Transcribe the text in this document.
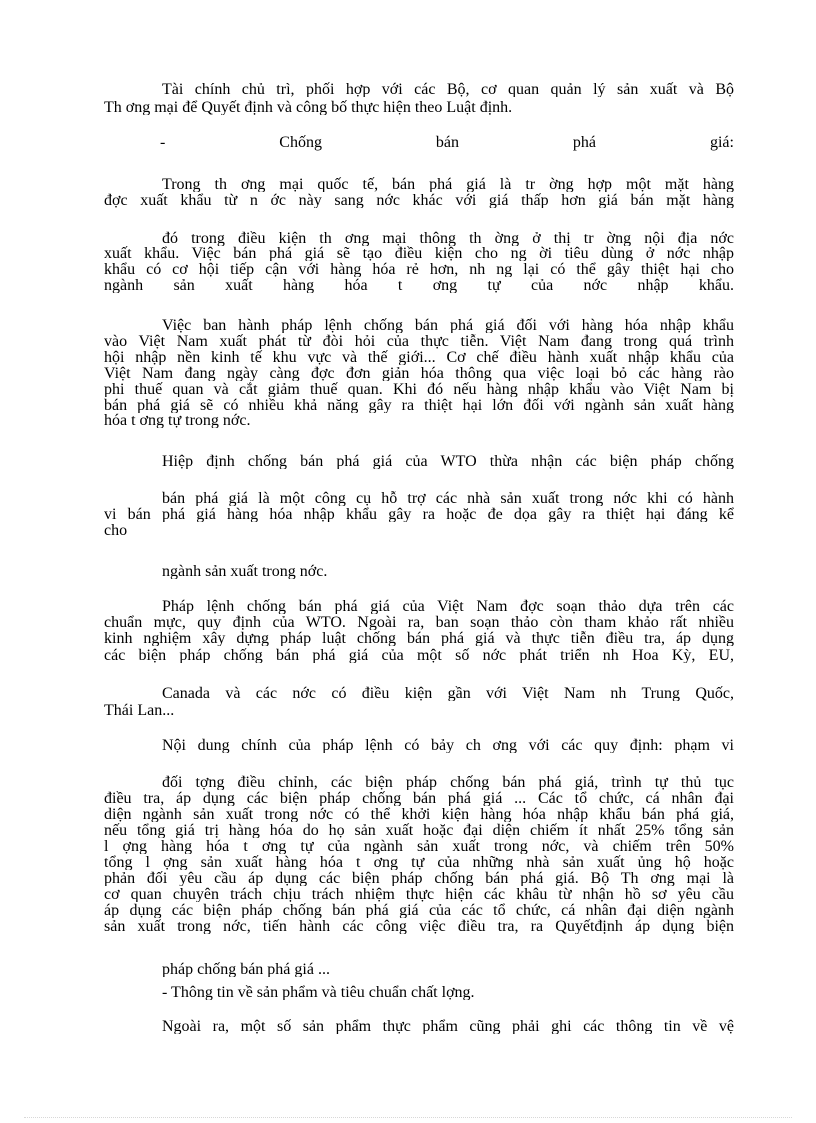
-	Chống	bán	phá	giá:

Tài chính chủ trì, phối hợp với các Bộ, cơ quan quản lý sản xuất và Bộ

Th ơng mại để Quyết định và công bố thực hiện theo Luật định.

Trong th ơng mại quốc tế, bán phá giá là tr ờng hợp một mặt hàng

đợc xuất khẩu từ n ớc này sang nớc khác với giá thấp hơn giá bán mặt hàng

đó trong điều kiện th ơng mại thông th ờng ở thị tr ờng nội địa nớc

xuất khẩu. Việc bán phá giá sẽ tạo điều kiện cho ng ời tiêu dùng ở nớc nhập

khẩu có cơ hội tiếp cận với hàng hóa rẻ hơn, nh ng lại có thể gây thiệt hại cho

ngành sản xuất hàng hóa t ơng tự của nớc nhập khẩu.

Việc ban hành pháp lệnh chống bán phá giá đối với hàng hóa nhập khẩu

vào Việt Nam xuất phát từ đòi hỏi của thực tiễn. Việt Nam đang trong quá trình

hội nhập nền kinh tế khu vực và thế giới... Cơ chế điều hành xuất nhập khẩu của

Việt Nam đang ngày càng đợc đơn giản hóa thông qua việc loại bỏ các hàng rào

phi thuế quan và cắt giảm thuế quan. Khi đó nếu hàng nhập khẩu vào Việt Nam bị

bán phá giá sẽ có nhiều khả năng gây ra thiệt hại lớn đối với ngành sản xuất hàng

hóa t ơng tự trong nớc.

Hiệp định chống bán phá giá của WTO thừa nhận các biện pháp chống

bán phá giá là một công cụ hỗ trợ các nhà sản xuất trong nớc khi có hành

vi bán phá giá hàng hóa nhập khẩu gây ra hoặc đe dọa gây ra thiệt hại đáng kể

cho

ngành sản xuất trong nớc.

Pháp lệnh chống bán phá giá của Việt Nam đợc soạn thảo dựa trên các

chuẩn mực, quy định của WTO. Ngoài ra, ban soạn thảo còn tham khảo rất nhiều

kinh nghiệm xây dựng pháp luật chống bán phá giá và thực tiễn điều tra, áp dụng

các biện pháp chống bán phá giá của một số nớc phát triển nh Hoa Kỳ, EU,

Canada và các nớc có điều kiện gần với Việt Nam nh Trung Quốc,

Thái Lan...

Nội dung chính của pháp lệnh có bảy ch ơng với các quy định: phạm vi

đối tợng điều chỉnh, các biện pháp chống bán phá giá, trình tự thủ tục

điều tra, áp dụng các biện pháp chống bán phá giá ... Các tổ chức, cá nhân đại

diện ngành sản xuất trong nớc có thể khởi kiện hàng hóa nhập khẩu bán phá giá,

nếu tổng giá trị hàng hóa do họ sản xuất hoặc đại diện chiếm ít nhất 25% tổng sản

l ợng hàng hóa t ơng tự của ngành sản xuất trong nớc, và chiếm trên 50%

tổng l ợng sản xuất hàng hóa t ơng tự của những nhà sản xuất ủng hộ hoặc

phản đối yêu cầu áp dụng các biện pháp chống bán phá giá. Bộ Th ơng mại là

cơ quan chuyên trách chịu trách nhiệm thực hiện các khâu từ nhận hồ sơ yêu cầu

áp dụng các biện pháp chống bán phá giá của các tổ chức, cá nhân đại diện ngành

sản xuất trong nớc, tiến hành các công việc điều tra, ra Quyếtđịnh áp dụng biện

pháp chống bán phá giá ...

- Thông tin về sản phẩm và tiêu chuẩn chất lợng.

Ngoài ra, một số sản phẩm thực phẩm cũng phải ghi các thông tin về vệ
